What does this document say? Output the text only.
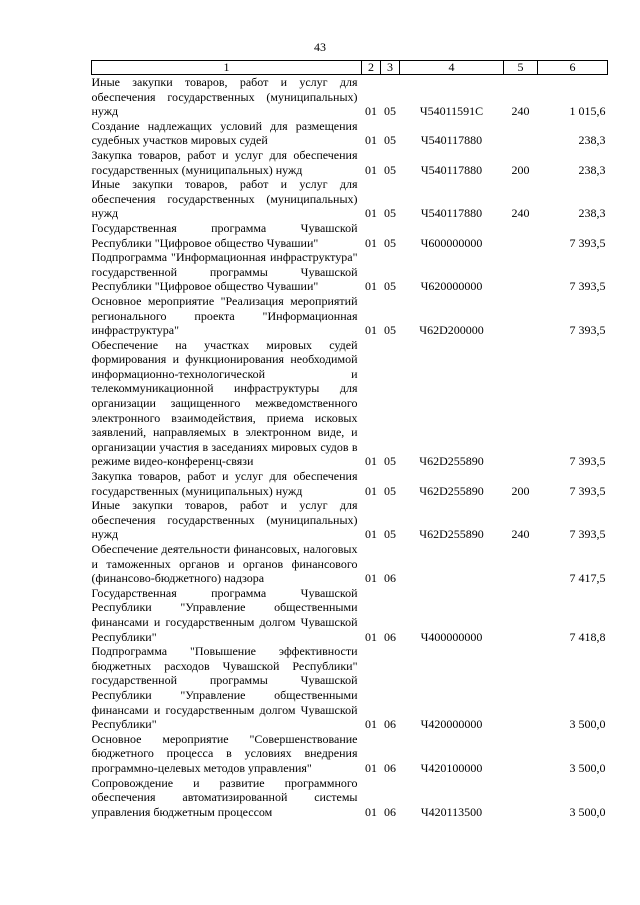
43
1	2	3	4	5	6
Иные закупки товаров, работ и услуг для обеспечения государственных (муниципальных) нужд	01	05	Ч54011591С	240	1 015,6
Создание надлежащих условий для размещения судебных участков мировых судей	01	05	Ч540117880		238,3
Закупка товаров, работ и услуг для обеспечения государственных (муниципальных) нужд	01	05	Ч540117880	200	238,3
Иные закупки товаров, работ и услуг для обеспечения государственных (муниципальных) нужд	01	05	Ч540117880	240	238,3
Государственная программа Чувашской Республики "Цифровое общество Чувашии"	01	05	Ч600000000		7 393,5
Подпрограмма "Информационная инфраструктура" государственной программы Чувашской Республики "Цифровое общество Чувашии"	01	05	Ч620000000		7 393,5
Основное мероприятие "Реализация мероприятий регионального проекта "Информационная инфраструктура"	01	05	Ч62D200000		7 393,5
Обеспечение на участках мировых судей формирования и функционирования необходимой информационно-технологической и телекоммуникационной инфраструктуры для организации защищенного межведомственного электронного взаимодействия, приема исковых заявлений, направляемых в электронном виде, и организации участия в заседаниях мировых судов в режиме видео-конференц-связи	01	05	Ч62D255890		7 393,5
Закупка товаров, работ и услуг для обеспечения государственных (муниципальных) нужд	01	05	Ч62D255890	200	7 393,5
Иные закупки товаров, работ и услуг для обеспечения государственных (муниципальных) нужд	01	05	Ч62D255890	240	7 393,5
Обеспечение деятельности финансовых, налоговых и таможенных органов и органов финансового (финансово-бюджетного) надзора	01	06			7 417,5
Государственная программа Чувашской Республики "Управление общественными финансами и государственным долгом Чувашской Республики"	01	06	Ч400000000		7 418,8
Подпрограмма "Повышение эффективности бюджетных расходов Чувашской Республики" государственной программы Чувашской Республики "Управление общественными финансами и государственным долгом Чувашской Республики"	01	06	Ч420000000		3 500,0
Основное мероприятие "Совершенствование бюджетного процесса в условиях внедрения программно-целевых методов управления"	01	06	Ч420100000		3 500,0
Сопровождение и развитие программного обеспечения автоматизированной системы управления бюджетным процессом	01	06	Ч420113500		3 500,0
